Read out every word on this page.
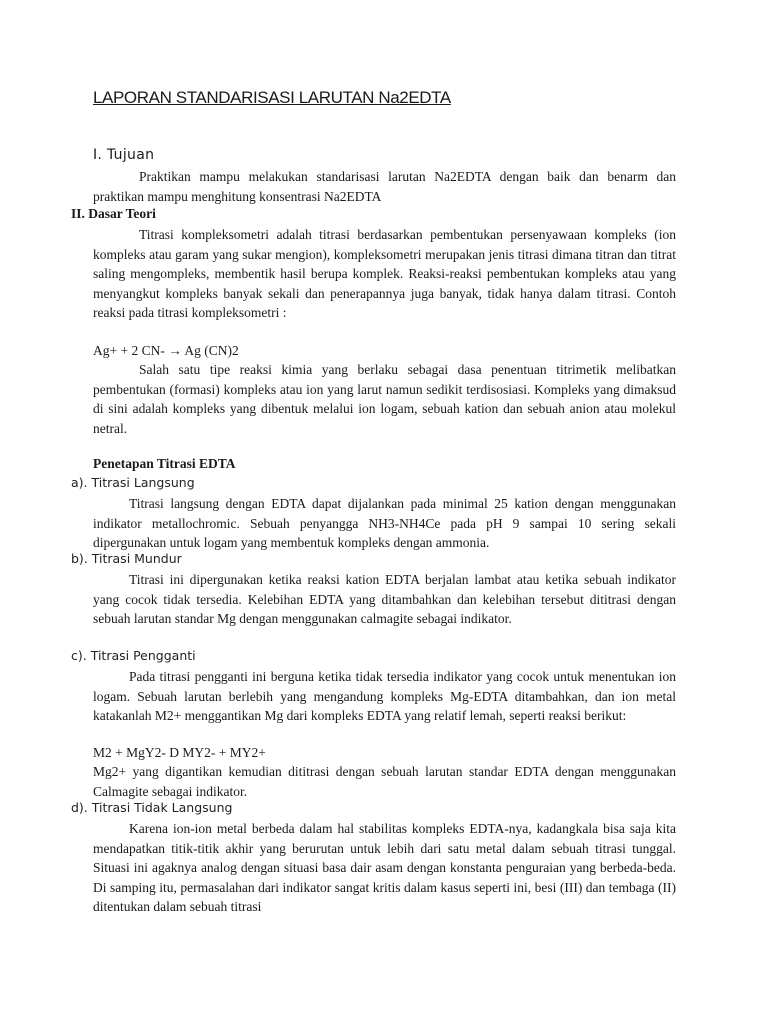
LAPORAN STANDARISASI LARUTAN Na2EDTA
I. Tujuan

Praktikan mampu melakukan standarisasi larutan Na2EDTA dengan baik dan benarm dan praktikan mampu menghitung konsentrasi Na2EDTA

II. Dasar Teori

Titrasi kompleksometri adalah titrasi berdasarkan pembentukan persenyawaan kompleks (ion kompleks atau garam yang sukar mengion), kompleksometri merupakan jenis titrasi dimana titran dan titrat saling mengompleks, membentik hasil berupa komplek. Reaksi-reaksi pembentukan kompleks atau yang menyangkut kompleks banyak sekali dan penerapannya juga banyak, tidak hanya dalam titrasi. Contoh reaksi pada titrasi kompleksometri :

Ag+ + 2 CN- → Ag (CN)2

Salah satu tipe reaksi kimia yang berlaku sebagai dasa penentuan titrimetik melibatkan pembentukan (formasi) kompleks atau ion yang larut namun sedikit terdisosiasi. Kompleks yang dimaksud di sini adalah kompleks yang dibentuk melalui ion logam, sebuah kation dan sebuah anion atau molekul netral.

Penetapan Titrasi EDTA

a). Titrasi Langsung

Titrasi langsung dengan EDTA dapat dijalankan pada minimal 25 kation dengan menggunakan indikator metallochromic. Sebuah penyangga NH3-NH4Ce pada pH 9 sampai 10 sering sekali dipergunakan untuk logam yang membentuk kompleks dengan ammonia.

b). Titrasi Mundur

Titrasi ini dipergunakan ketika reaksi kation EDTA berjalan lambat atau ketika sebuah indikator yang cocok tidak tersedia. Kelebihan EDTA yang ditambahkan dan kelebihan tersebut dititrasi dengan sebuah larutan standar Mg dengan menggunakan calmagite sebagai indikator.

c). Titrasi Pengganti

Pada titrasi pengganti ini berguna ketika tidak tersedia indikator yang cocok untuk menentukan ion logam. Sebuah larutan berlebih yang mengandung kompleks Mg-EDTA ditambahkan, dan ion metal katakanlah M2+ menggantikan Mg dari kompleks EDTA yang relatif lemah, seperti reaksi berikut:

M2 + MgY2- D MY2- + MY2+

Mg2+ yang digantikan kemudian dititrasi dengan sebuah larutan standar EDTA dengan menggunakan Calmagite sebagai indikator.

d). Titrasi Tidak Langsung

Karena ion-ion metal berbeda dalam hal stabilitas kompleks EDTA-nya, kadangkala bisa saja kita mendapatkan titik-titik akhir yang berurutan untuk lebih dari satu metal dalam sebuah titrasi tunggal. Situasi ini agaknya analog dengan situasi basa dair asam dengan konstanta penguraian yang berbeda-beda. Di samping itu, permasalahan dari indikator sangat kritis dalam kasus seperti ini, besi (III) dan tembaga (II) ditentukan dalam sebuah titrasi
